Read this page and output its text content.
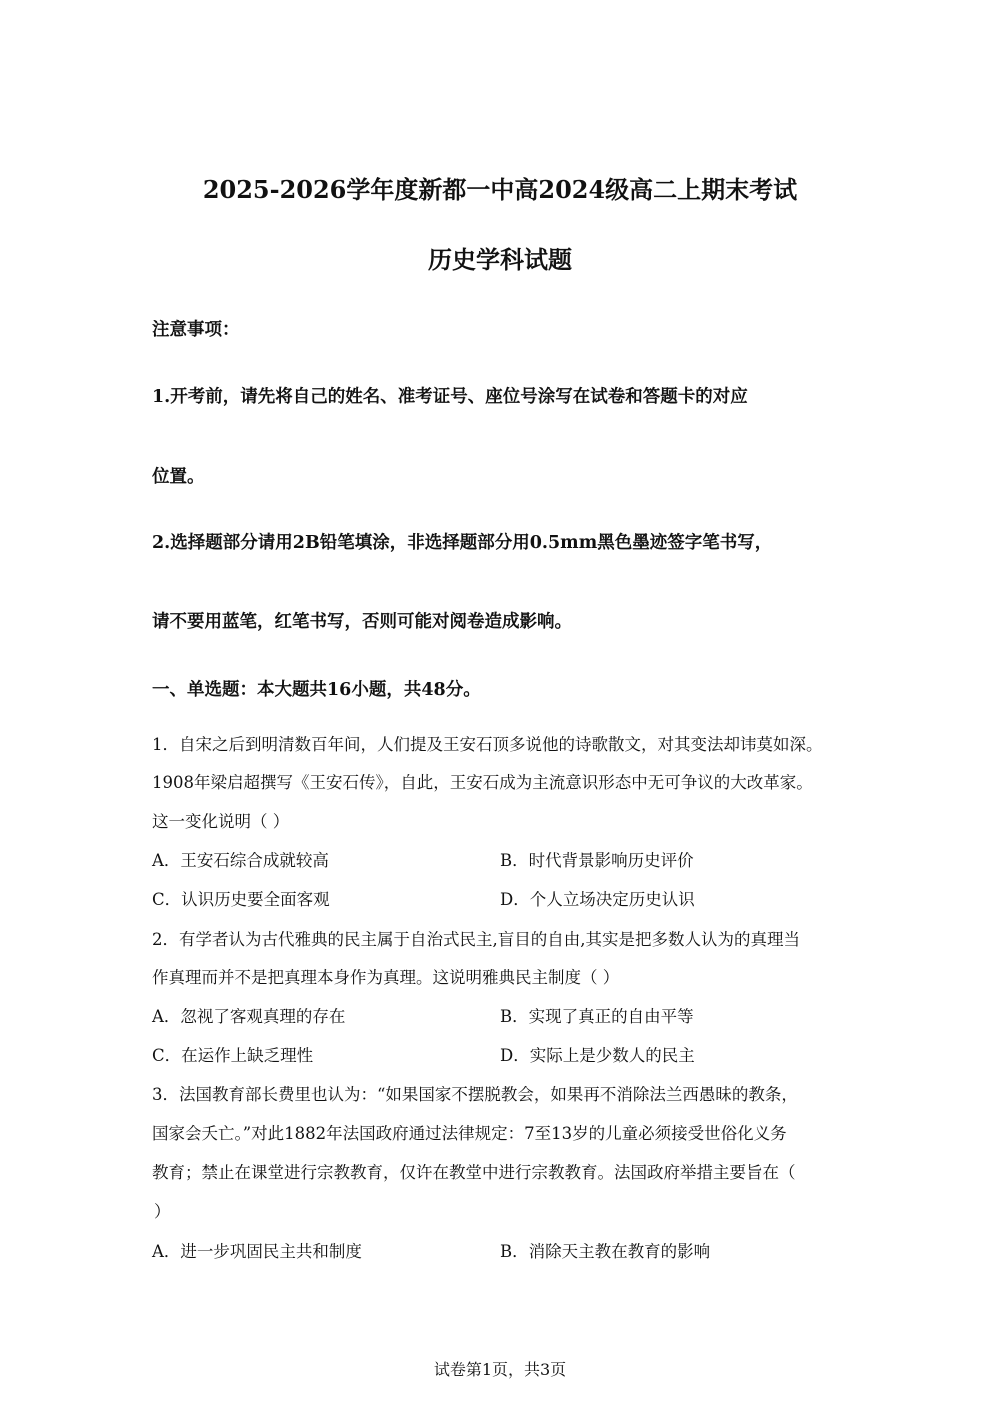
2025-2026学年度新都一中高2024级高二上期末考试
历史学科试题
注意事项：
1.开考前，请先将自己的姓名、准考证号、座位号涂写在试卷和答题卡的对应
位置。
2.选择题部分请用2B铅笔填涂，非选择题部分用0.5mm黑色墨迹签字笔书写，
请不要用蓝笔，红笔书写，否则可能对阅卷造成影响。
一、单选题：本大题共16小题，共48分。
1．自宋之后到明清数百年间，人们提及王安石顶多说他的诗歌散文，对其变法却讳莫如深。
1908年梁启超撰写《王安石传》，自此，王安石成为主流意识形态中无可争议的大改革家。
这一变化说明（ ）
A．王安石综合成就较高	B．时代背景影响历史评价
C．认识历史要全面客观	D．个人立场决定历史认识
2．有学者认为古代雅典的民主属于自治式民主,盲目的自由,其实是把多数人认为的真理当
作真理而并不是把真理本身作为真理。这说明雅典民主制度（ ）
A．忽视了客观真理的存在	B．实现了真正的自由平等
C．在运作上缺乏理性	D．实际上是少数人的民主
3．法国教育部长费里也认为：“如果国家不摆脱教会，如果再不消除法兰西愚昧的教条，
国家会夭亡。”对此1882年法国政府通过法律规定：7至13岁的儿童必须接受世俗化义务
教育；禁止在课堂进行宗教教育，仅许在教堂中进行宗教教育。法国政府举措主要旨在（
）
A．进一步巩固民主共和制度	B．消除天主教在教育的影响
试卷第1页，共3页
